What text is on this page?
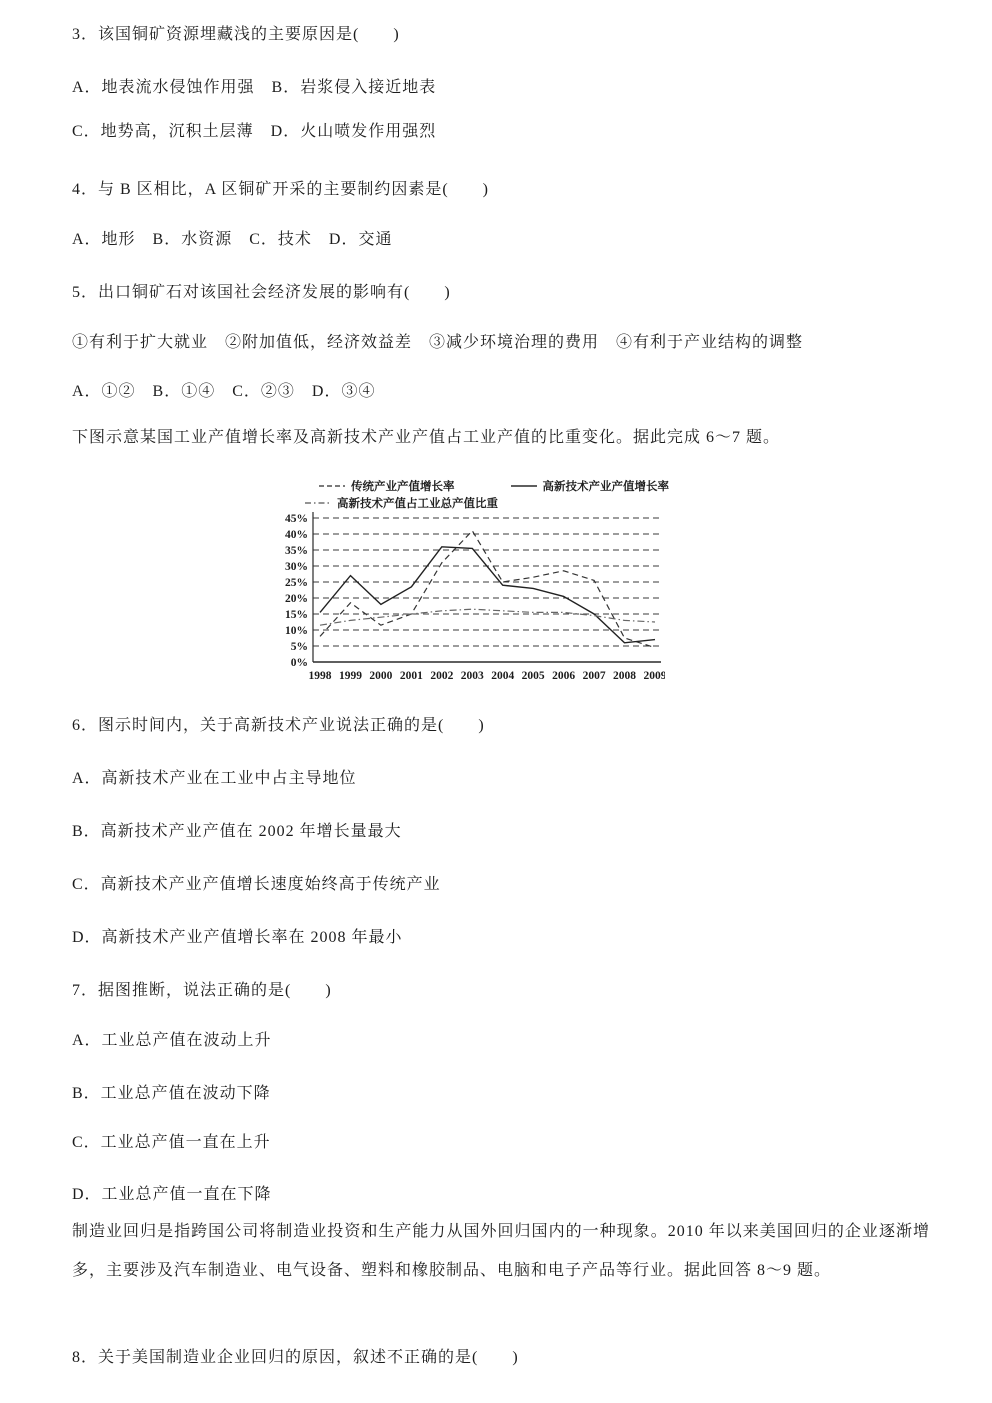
3．该国铜矿资源埋藏浅的主要原因是(　　)
A．地表流水侵蚀作用强　B．岩浆侵入接近地表
C．地势高，沉积土层薄　D．火山喷发作用强烈
4．与 B 区相比，A 区铜矿开采的主要制约因素是(　　)
A．地形　B．水资源　C．技术　D．交通
5．出口铜矿石对该国社会经济发展的影响有(　　)
①有利于扩大就业　②附加值低，经济效益差　③减少环境治理的费用　④有利于产业结构的调整
A．①②　B．①④　C．②③　D．③④
下图示意某国工业产值增长率及高新技术产业产值占工业产值的比重变化。据此完成 6～7 题。
传统产业产值增长率	高新技术产业产值增长率
高新技术产值占工业总产值比重
0%
5%
10%
15%
20%
25%
30%
35%
40%
45%
1998 1999 2000 2001 2002 2003 2004 2005 2006 2007 2008 2009
6．图示时间内，关于高新技术产业说法正确的是(　　)
A．高新技术产业在工业中占主导地位
B．高新技术产业产值在 2002 年增长量最大
C．高新技术产业产值增长速度始终高于传统产业
D．高新技术产业产值增长率在 2008 年最小
7．据图推断，说法正确的是(　　)
A．工业总产值在波动上升
B．工业总产值在波动下降
C．工业总产值一直在上升
D．工业总产值一直在下降
制造业回归是指跨国公司将制造业投资和生产能力从国外回归国内的一种现象。2010 年以来美国回归的企业逐渐增多，主要涉及汽车制造业、电气设备、塑料和橡胶制品、电脑和电子产品等行业。据此回答 8～9 题。
8．关于美国制造业企业回归的原因，叙述不正确的是(　　)
